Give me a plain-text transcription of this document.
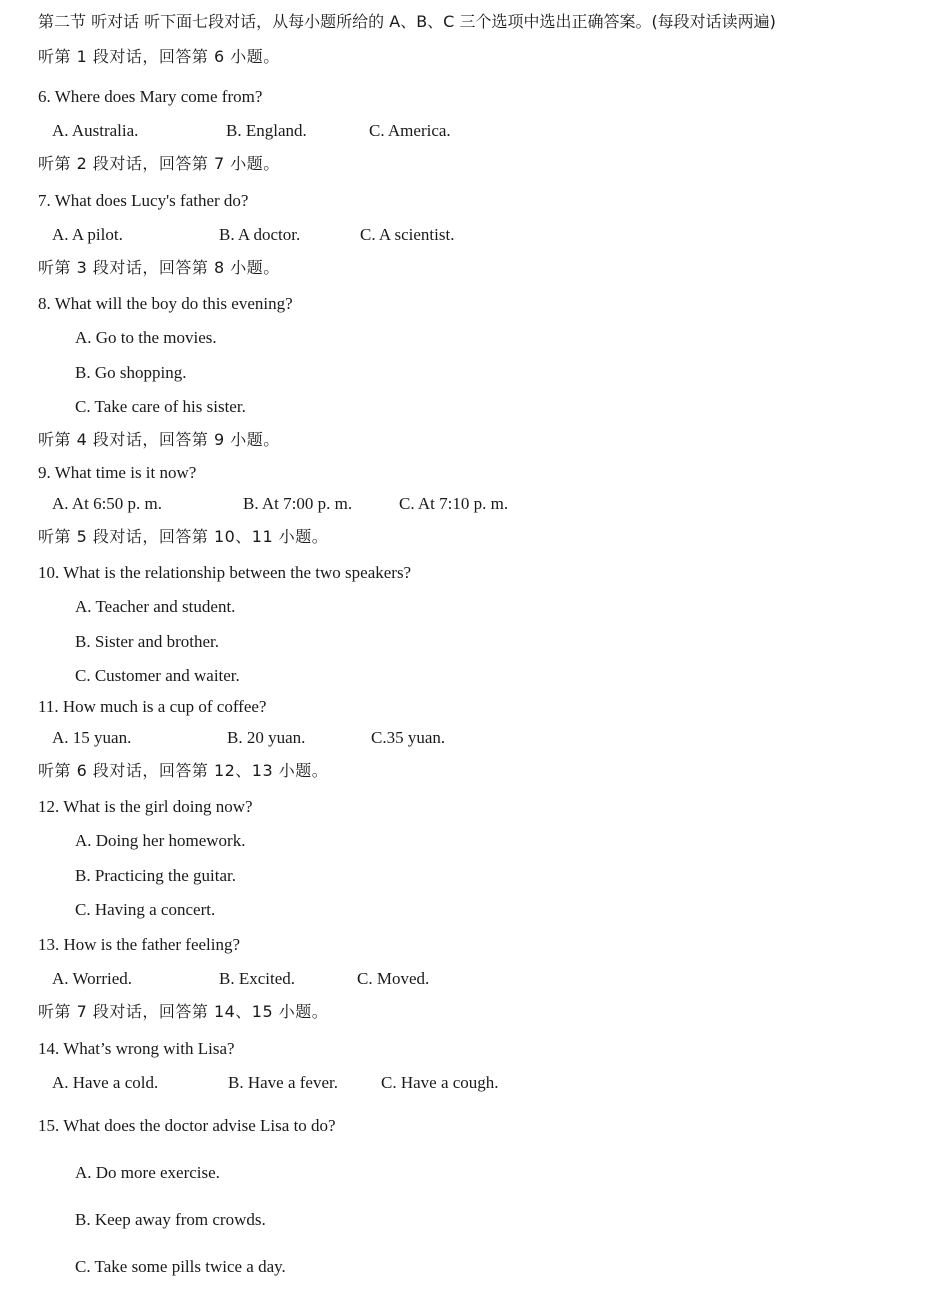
第二节 听对话 听下面七段对话，从每小题所给的 A、B、C 三个选项中选出正确答案。(每段对话读两遍)
听第 1 段对话，回答第 6 小题。
6. Where does Mary come from?
A. Australia.	B. England.	C. America.
听第 2 段对话，回答第 7 小题。
7. What does Lucy's father do?
A. A pilot.	B. A doctor.	C. A scientist.
听第 3 段对话，回答第 8 小题。
8. What will the boy do this evening?
A. Go to the movies.
B. Go shopping.
C. Take care of his sister.
听第 4 段对话，回答第 9 小题。
9. What time is it now?
A. At 6:50 p. m.	B. At 7:00 p. m.	C. At 7:10 p. m.
听第 5 段对话，回答第 10、11 小题。
10. What is the relationship between the two speakers?
A. Teacher and student.
B. Sister and brother.
C. Customer and waiter.
11. How much is a cup of coffee?
A. 15 yuan.	B. 20 yuan.	C.35 yuan.
听第 6 段对话，回答第 12、13 小题。
12. What is the girl doing now?
A. Doing her homework.
B. Practicing the guitar.
C. Having a concert.
13. How is the father feeling?
A. Worried.	B. Excited.	C. Moved.
听第 7 段对话，回答第 14、15 小题。
14. What’s wrong with Lisa?
A. Have a cold.	B. Have a fever.	C. Have a cough.
15. What does the doctor advise Lisa to do?
A. Do more exercise.
B. Keep away from crowds.
C. Take some pills twice a day.
